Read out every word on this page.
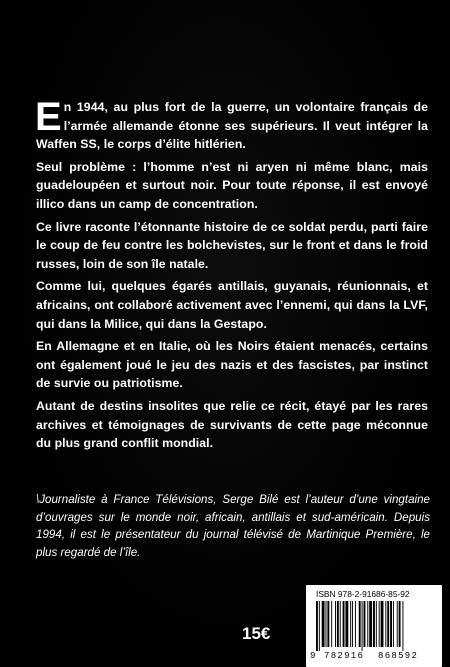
En 1944, au plus fort de la guerre, un volontaire français de l’armée allemande étonne ses supérieurs. Il veut intégrer la Waffen SS, le corps d’élite hitlérien.

Seul problème : l’homme n’est ni aryen ni même blanc, mais guadeloupéen et surtout noir. Pour toute réponse, il est envoyé illico dans un camp de concentration.

Ce livre raconte l’étonnante histoire de ce soldat perdu, parti faire le coup de feu contre les bolchevistes, sur le front et dans le froid russes, loin de son île natale.

Comme lui, quelques égarés antillais, guyanais, réunionnais, et africains, ont collaboré activement avec l’ennemi, qui dans la LVF, qui dans la Milice, qui dans la Gestapo.

En Allemagne et en Italie, où les Noirs étaient menacés, certains ont également joué le jeu des nazis et des fascistes, par instinct de survie ou patriotisme.

Autant de destins insolites que relie ce récit, étayé par les rares archives et témoignages de survivants de cette page méconnue du plus grand conflit mondial.

\Journaliste à France Télévisions, Serge Bilé est l’auteur d’une vingtaine d’ouvrages sur le monde noir, africain, antillais et sud-américain. Depuis 1994, il est le présentateur du journal télévisé de Martinique Première, le plus regardé de l’île.

15€
ISBN 978-2-91686-85-92
9 782916 868592
